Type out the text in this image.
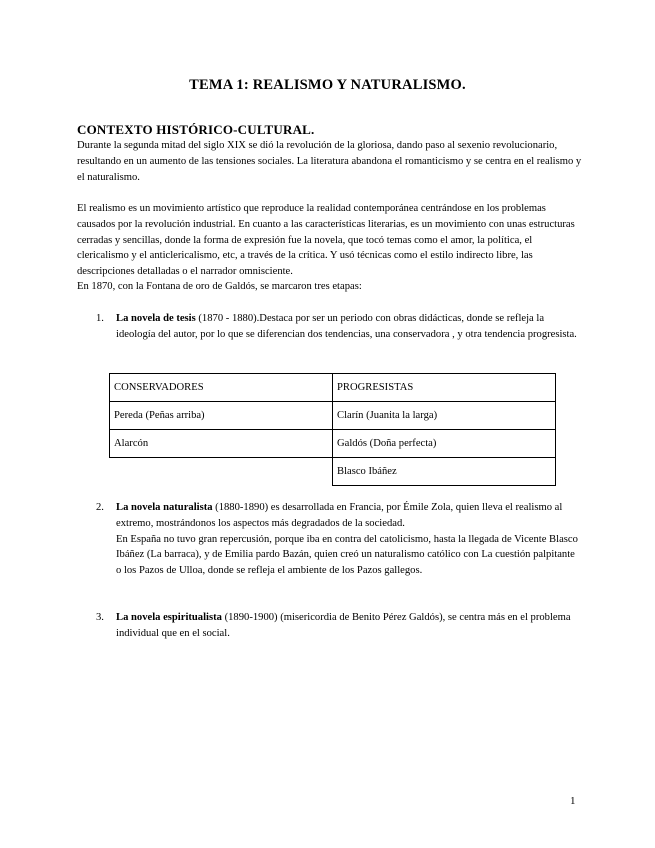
TEMA 1: REALISMO Y NATURALISMO.
CONTEXTO HISTÓRICO-CULTURAL.

Durante la segunda mitad del siglo XIX se dió la revolución de la gloriosa, dando paso al sexenio revolucionario, resultando en un aumento de las tensiones sociales. La literatura abandona el romanticismo y se centra en el realismo y el naturalismo.

El realismo es un movimiento artístico que reproduce la realidad contemporánea centrándose en los problemas causados por la revolución industrial. En cuanto a las características literarias, es un movimiento con unas estructuras cerradas y sencillas, donde la forma de expresión fue la novela, que tocó temas como el amor, la política, el clericalismo y el anticlericalismo, etc, a través de la crítica. Y usó técnicas como el estilo indirecto libre, las descripciones detalladas o el narrador omnisciente.

En 1870, con la Fontana de oro de Galdós, se marcaron tres etapas:

1. La novela de tesis (1870 - 1880).Destaca por ser un periodo con obras didácticas, donde se refleja la ideología del autor, por lo que se diferencian dos tendencias, una conservadora , y otra tendencia progresista.

CONSERVADORES	PROGRESISTAS
Pereda (Peñas arriba)	Clarín (Juanita la larga)
Alarcón	Galdós (Doña perfecta)
	Blasco Ibáñez
2. La novela naturalista (1880-1890) es desarrollada en Francia, por Émile Zola, quien lleva el realismo al extremo, mostrándonos los aspectos más degradados de la sociedad.

En España no tuvo gran repercusión, porque iba en contra del catolicismo, hasta la llegada de Vicente Blasco Ibáñez (La barraca), y de Emilia pardo Bazán, quien creó un naturalismo católico con La cuestión palpitante o los Pazos de Ulloa, donde se refleja el ambiente de los Pazos gallegos.

3. La novela espiritualista (1890-1900) (misericordia de Benito Pérez Galdós), se centra más en el problema individual que en el social.

1
